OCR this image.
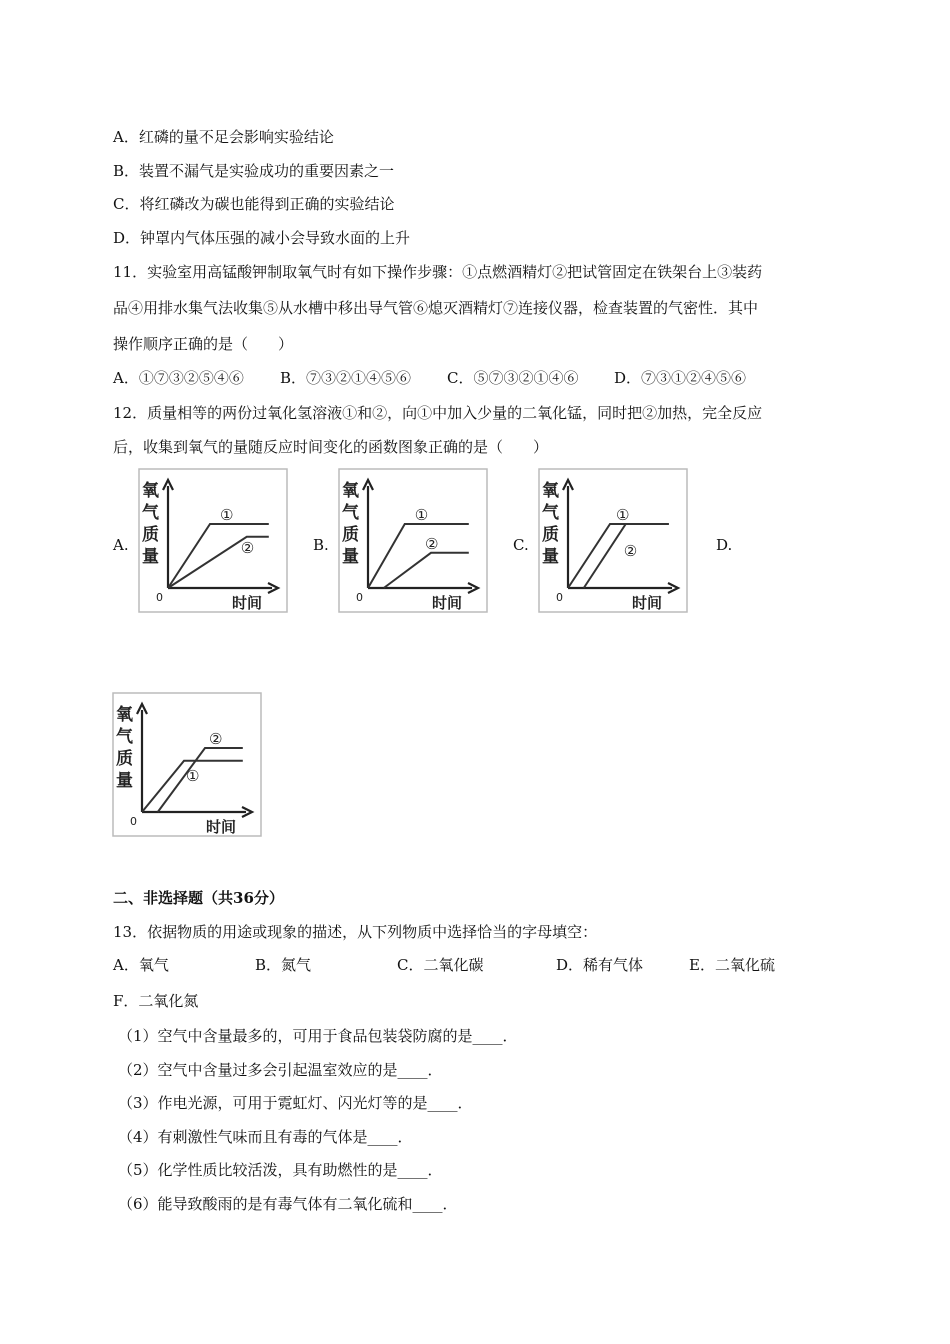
A．红磷的量不足会影响实验结论
B．装置不漏气是实验成功的重要因素之一
C．将红磷改为碳也能得到正确的实验结论
D．钟罩内气体压强的减小会导致水面的上升
11．实验室用高锰酸钾制取氧气时有如下操作步骤：①点燃酒精灯②把试管固定在铁架台上③装药
品④用排水集气法收集⑤从水槽中移出导气管⑥熄灭酒精灯⑦连接仪器，检查装置的气密性．其中
操作顺序正确的是（　　）
A．①⑦③②⑤④⑥ B．⑦③②①④⑤⑥ C．⑤⑦③②①④⑥ D．⑦③①②④⑤⑥
12．质量相等的两份过氧化氢溶液①和②，向①中加入少量的二氧化锰，同时把②加热，完全反应
后，收集到氧气的量随反应时间变化的函数图象正确的是（　　）
A.	B.	C.	D.
氧
气
质
量
0	时间
①
②
氧
气
质
量
0	时间
①
②
氧
气
质
量
0	时间
①
②
氧
气
质
量
0	时间
①
②
二、非选择题（共36分）
13．依据物质的用途或现象的描述，从下列物质中选择恰当的字母填空：
A．氧气	B．氮气	C．二氧化碳	D．稀有气体	E．二氧化硫
F．二氧化氮
（1）空气中含量最多的，可用于食品包装袋防腐的是____．
（2）空气中含量过多会引起温室效应的是____．
（3）作电光源，可用于霓虹灯、闪光灯等的是____．
（4）有刺激性气味而且有毒的气体是____．
（5）化学性质比较活泼，具有助燃性的是____．
（6）能导致酸雨的是有毒气体有二氧化硫和____．
